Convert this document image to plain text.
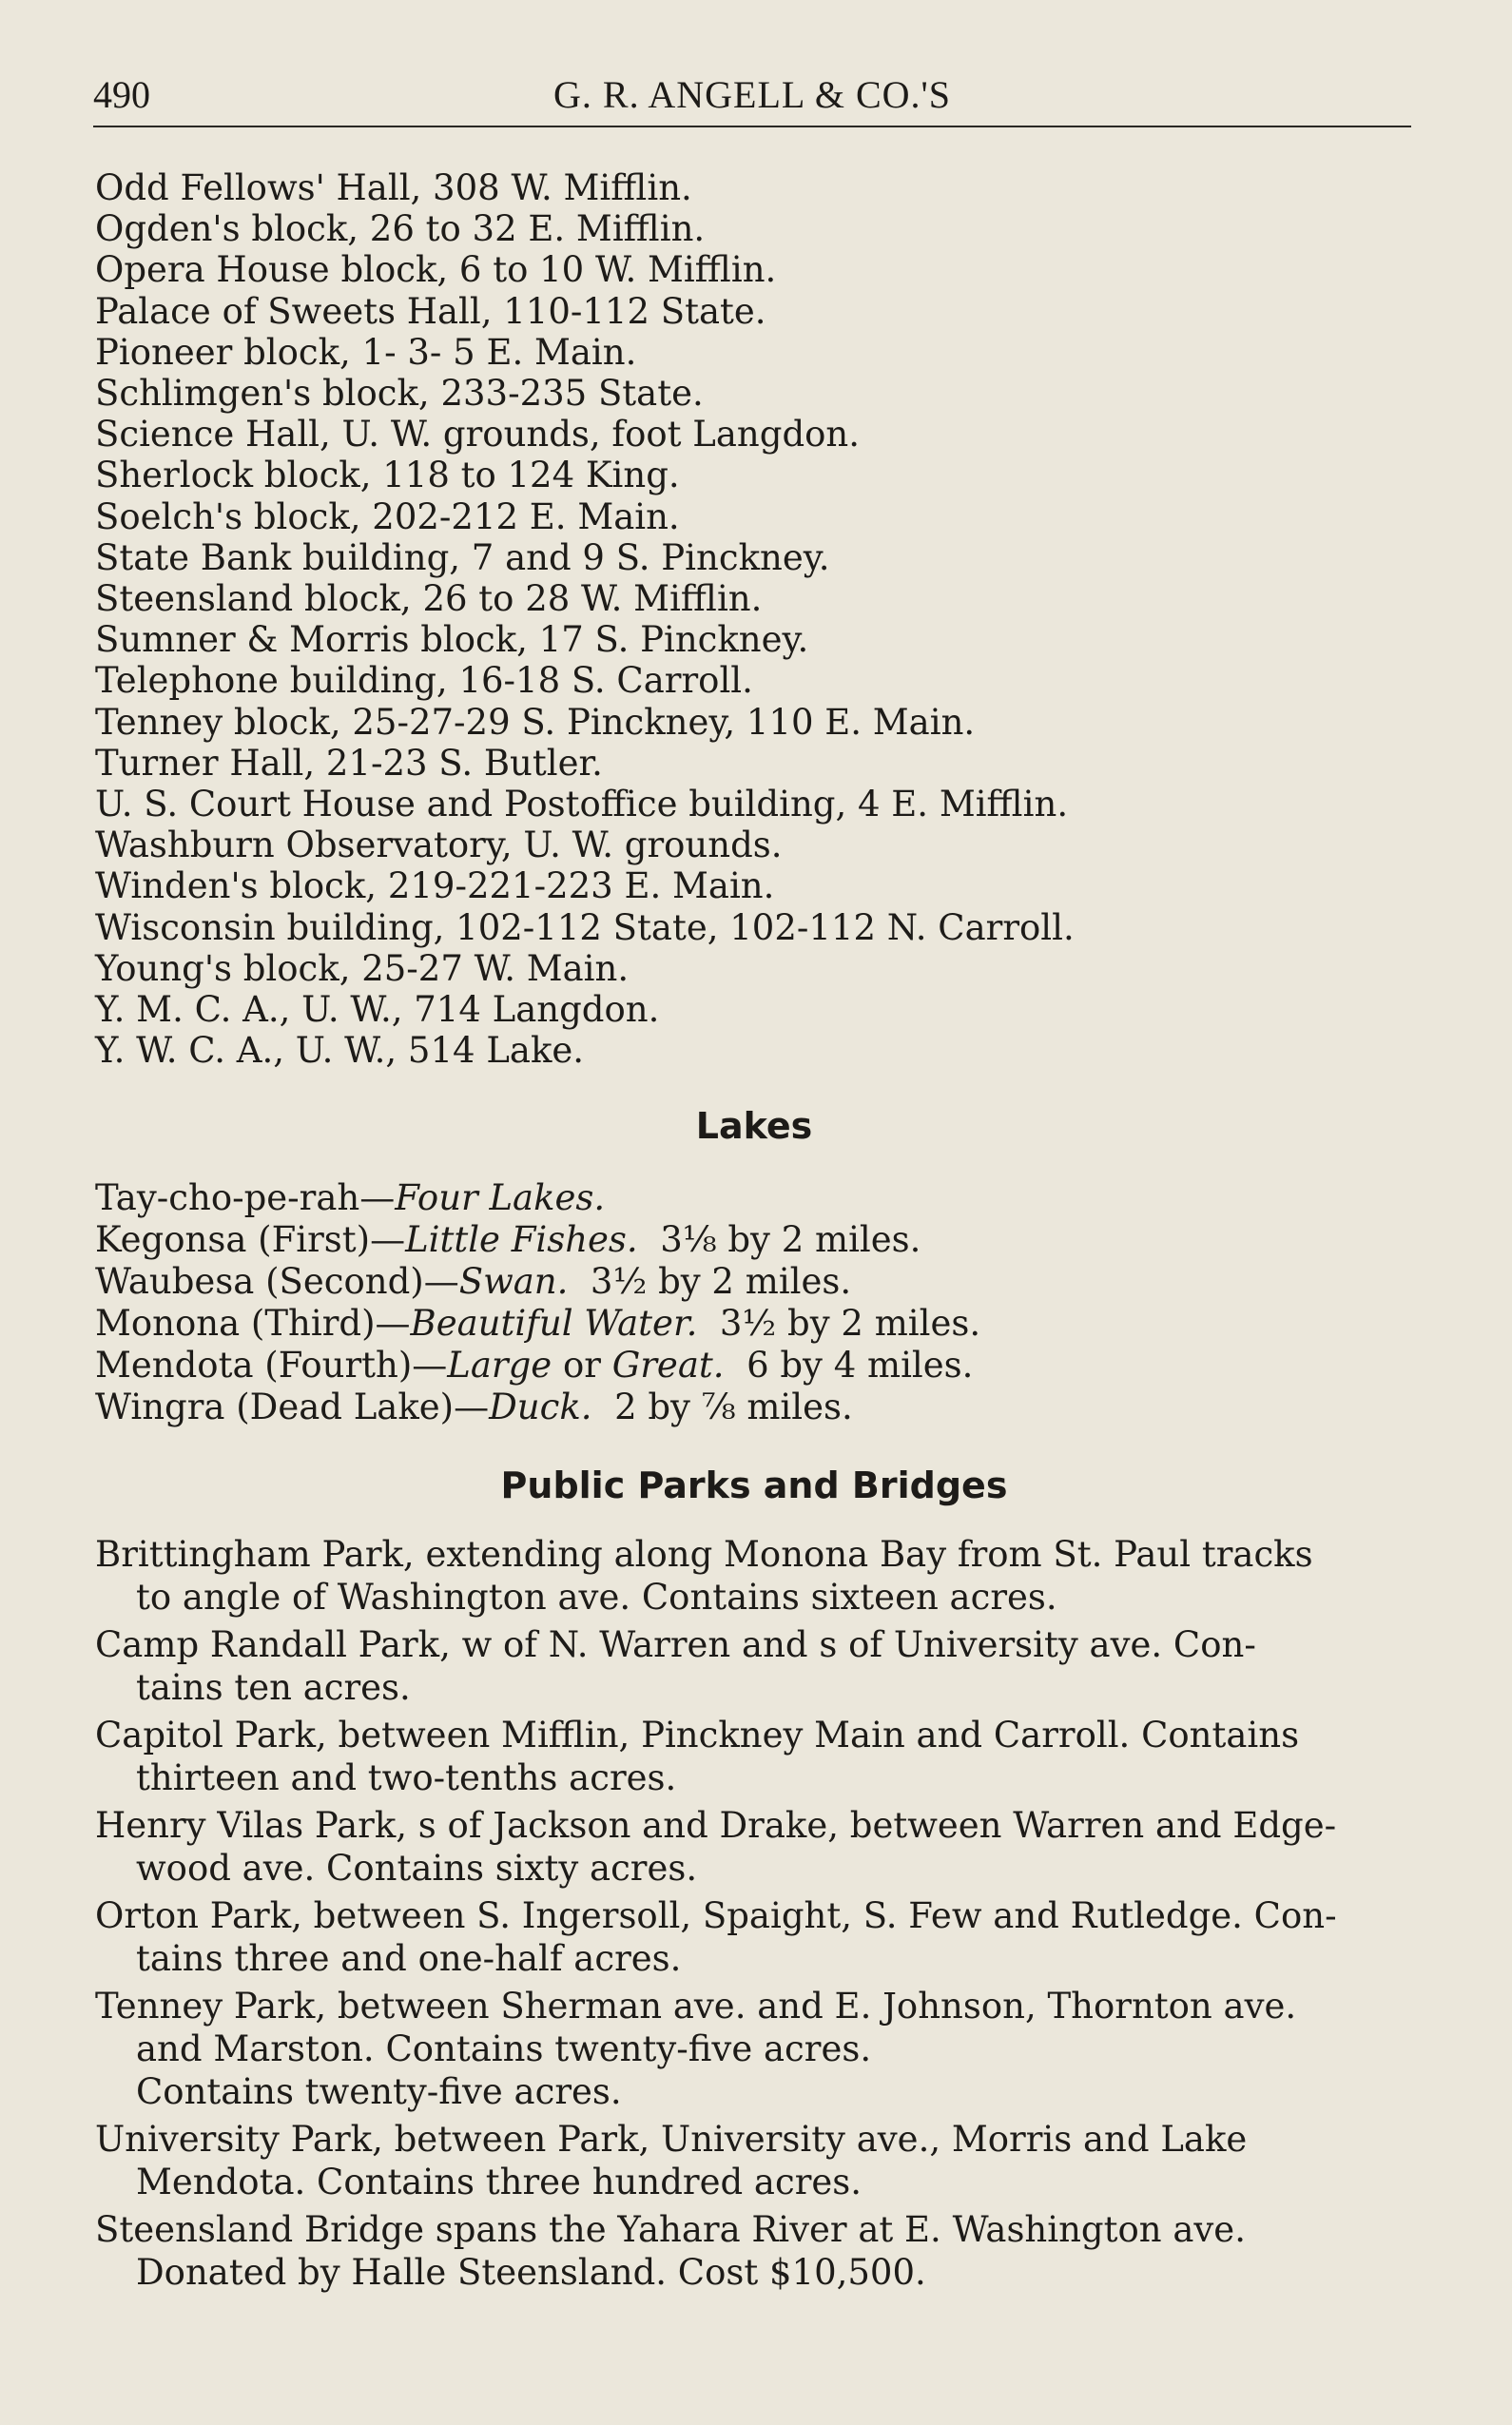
490	G. R. ANGELL & CO.'S
Odd Fellows' Hall, 308 W. Mifflin.
Ogden's block, 26 to 32 E. Mifflin.
Opera House block, 6 to 10 W. Mifflin.
Palace of Sweets Hall, 110-112 State.
Pioneer block, 1- 3- 5 E. Main.
Schlimgen's block, 233-235 State.
Science Hall, U. W. grounds, foot Langdon.
Sherlock block, 118 to 124 King.
Soelch's block, 202-212 E. Main.
State Bank building, 7 and 9 S. Pinckney.
Steensland block, 26 to 28 W. Mifflin.
Sumner & Morris block, 17 S. Pinckney.
Telephone building, 16-18 S. Carroll.
Tenney block, 25-27-29 S. Pinckney, 110 E. Main.
Turner Hall, 21-23 S. Butler.
U. S. Court House and Postoffice building, 4 E. Mifflin.
Washburn Observatory, U. W. grounds.
Winden's block, 219-221-223 E. Main.
Wisconsin building, 102-112 State, 102-112 N. Carroll.
Young's block, 25-27 W. Main.
Y. M. C. A., U. W., 714 Langdon.
Y. W. C. A., U. W., 514 Lake.
Lakes
Tay-cho-pe-rah—Four Lakes.
Kegonsa (First)—Little Fishes. 3⅛ by 2 miles.
Waubesa (Second)—Swan. 3½ by 2 miles.
Monona (Third)—Beautiful Water. 3½ by 2 miles.
Mendota (Fourth)—Large or Great. 6 by 4 miles.
Wingra (Dead Lake)—Duck. 2 by ⅞ miles.
Public Parks and Bridges
Brittingham Park, extending along Monona Bay from St. Paul tracks
to angle of Washington ave. Contains sixteen acres.
Camp Randall Park, w of N. Warren and s of University ave. Con-
tains ten acres.
Capitol Park, between Mifflin, Pinckney Main and Carroll. Contains
thirteen and two-tenths acres.
Henry Vilas Park, s of Jackson and Drake, between Warren and Edge-
wood ave. Contains sixty acres.
Orton Park, between S. Ingersoll, Spaight, S. Few and Rutledge. Con-
tains three and one-half acres.
Tenney Park, between Sherman ave. and E. Johnson, Thornton ave.
and Marston. Contains twenty-five acres.
Contains twenty-five acres.
University Park, between Park, University ave., Morris and Lake
Mendota. Contains three hundred acres.
Steensland Bridge spans the Yahara River at E. Washington ave.
Donated by Halle Steensland. Cost $10,500.
